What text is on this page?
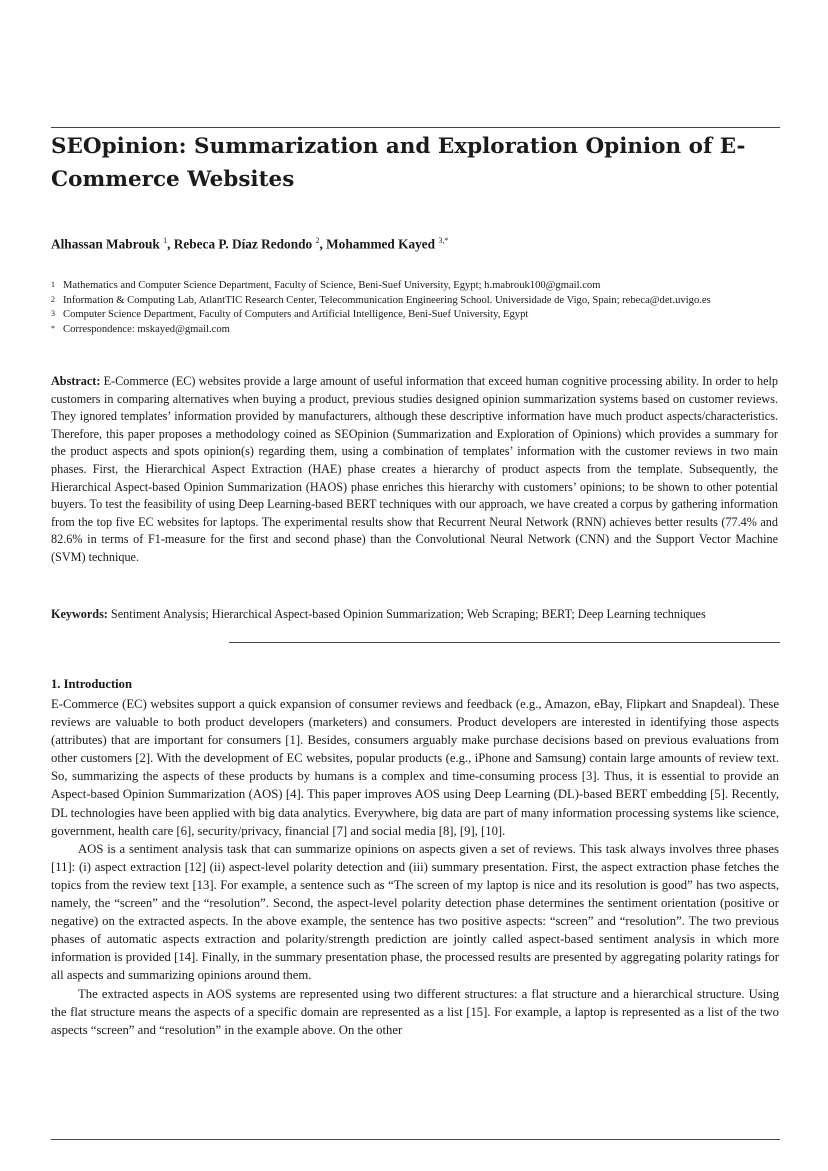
SEOpinion: Summarization and Exploration Opinion of E-Commerce Websites
Alhassan Mabrouk $^1$, Rebeca P. Díaz Redondo $^2$, Mohammed Kayed $^{3,*}$
1 Mathematics and Computer Science Department, Faculty of Science, Beni-Suef University, Egypt; h.mabrouk100@gmail.com
2 Information & Computing Lab, AtlantTIC Research Center, Telecommunication Engineering School. Universidade de Vigo, Spain; rebeca@det.uvigo.es
3 Computer Science Department, Faculty of Computers and Artificial Intelligence, Beni-Suef University, Egypt
* Correspondence: mskayed@gmail.com

Abstract: E-Commerce (EC) websites provide a large amount of useful information that exceed human cognitive processing ability. In order to help customers in comparing alternatives when buying a product, previous studies designed opinion summarization systems based on customer reviews. They ignored templates’ information provided by manufacturers, although these descriptive information have much product aspects/characteristics. Therefore, this paper proposes a methodology coined as SEOpinion (Summarization and Exploration of Opinions) which provides a summary for the product aspects and spots opinion(s) regarding them, using a combination of templates’ information with the customer reviews in two main phases. First, the Hierarchical Aspect Extraction (HAE) phase creates a hierarchy of product aspects from the template. Subsequently, the Hierarchical Aspect-based Opinion Summarization (HAOS) phase enriches this hierarchy with customers’ opinions; to be shown to other potential buyers. To test the feasibility of using Deep Learning-based BERT techniques with our approach, we have created a corpus by gathering information from the top five EC websites for laptops. The experimental results show that Recurrent Neural Network (RNN) achieves better results (77.4% and 82.6% in terms of F1-measure for the first and second phase) than the Convolutional Neural Network (CNN) and the Support Vector Machine (SVM) technique.

Keywords: Sentiment Analysis; Hierarchical Aspect-based Opinion Summarization; Web Scraping; BERT; Deep Learning techniques
1. Introduction

E-Commerce (EC) websites support a quick expansion of consumer reviews and feedback (e.g., Amazon, eBay, Flipkart and Snapdeal). These reviews are valuable to both product developers (marketers) and consumers. Product developers are interested in identifying those aspects (attributes) that are important for consumers [1]. Besides, consumers arguably make purchase decisions based on previous evaluations from other customers [2]. With the development of EC websites, popular products (e.g., iPhone and Samsung) contain large amounts of review text. So, summarizing the aspects of these products by humans is a complex and time-consuming process [3]. Thus, it is essential to provide an Aspect-based Opinion Summarization (AOS) [4]. This paper improves AOS using Deep Learning (DL)-based BERT embedding [5]. Recently, DL technologies have been applied with big data analytics. Everywhere, big data are part of many information processing systems like science, government, health care [6], security/privacy, financial [7] and social media [8], [9], [10].

AOS is a sentiment analysis task that can summarize opinions on aspects given a set of reviews. This task always involves three phases [11]: (i) aspect extraction [12] (ii) aspect-level polarity detection and (iii) summary presentation. First, the aspect extraction phase fetches the topics from the review text [13]. For example, a sentence such as “The screen of my laptop is nice and its resolution is good” has two aspects, namely, the “screen” and the “resolution”. Second, the aspect-level polarity detection phase determines the sentiment orientation (positive or negative) on the extracted aspects. In the above example, the sentence has two positive aspects: “screen” and “resolution”. The two previous phases of automatic aspects extraction and polarity/strength prediction are jointly called aspect-based sentiment analysis in which more information is provided [14]. Finally, in the summary presentation phase, the processed results are presented by aggregating polarity ratings for all aspects and summarizing opinions around them.

The extracted aspects in AOS systems are represented using two different structures: a flat structure and a hierarchical structure. Using the flat structure means the aspects of a specific domain are represented as a list [15]. For example, a laptop is represented as a list of the two aspects “screen” and “resolution” in the example above. On the other
